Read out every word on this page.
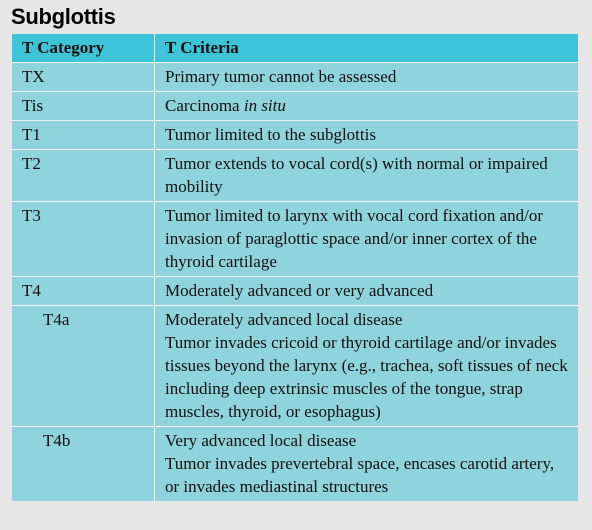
Subglottis
T Category	T Criteria
TX	Primary tumor cannot be assessed
Tis	Carcinoma in situ
T1	Tumor limited to the subglottis
T2	Tumor extends to vocal cord(s) with normal or impaired mobility
T3	Tumor limited to larynx with vocal cord fixation and/or invasion of paraglottic space and/or inner cortex of the thyroid cartilage
T4	Moderately advanced or very advanced
T4a	Moderately advanced local disease
Tumor invades cricoid or thyroid cartilage and/or invades tissues beyond the larynx (e.g., trachea, soft tissues of neck including deep extrinsic muscles of the tongue, strap muscles, thyroid, or esophagus)
T4b	Very advanced local disease
Tumor invades prevertebral space, encases carotid artery, or invades mediastinal structures
